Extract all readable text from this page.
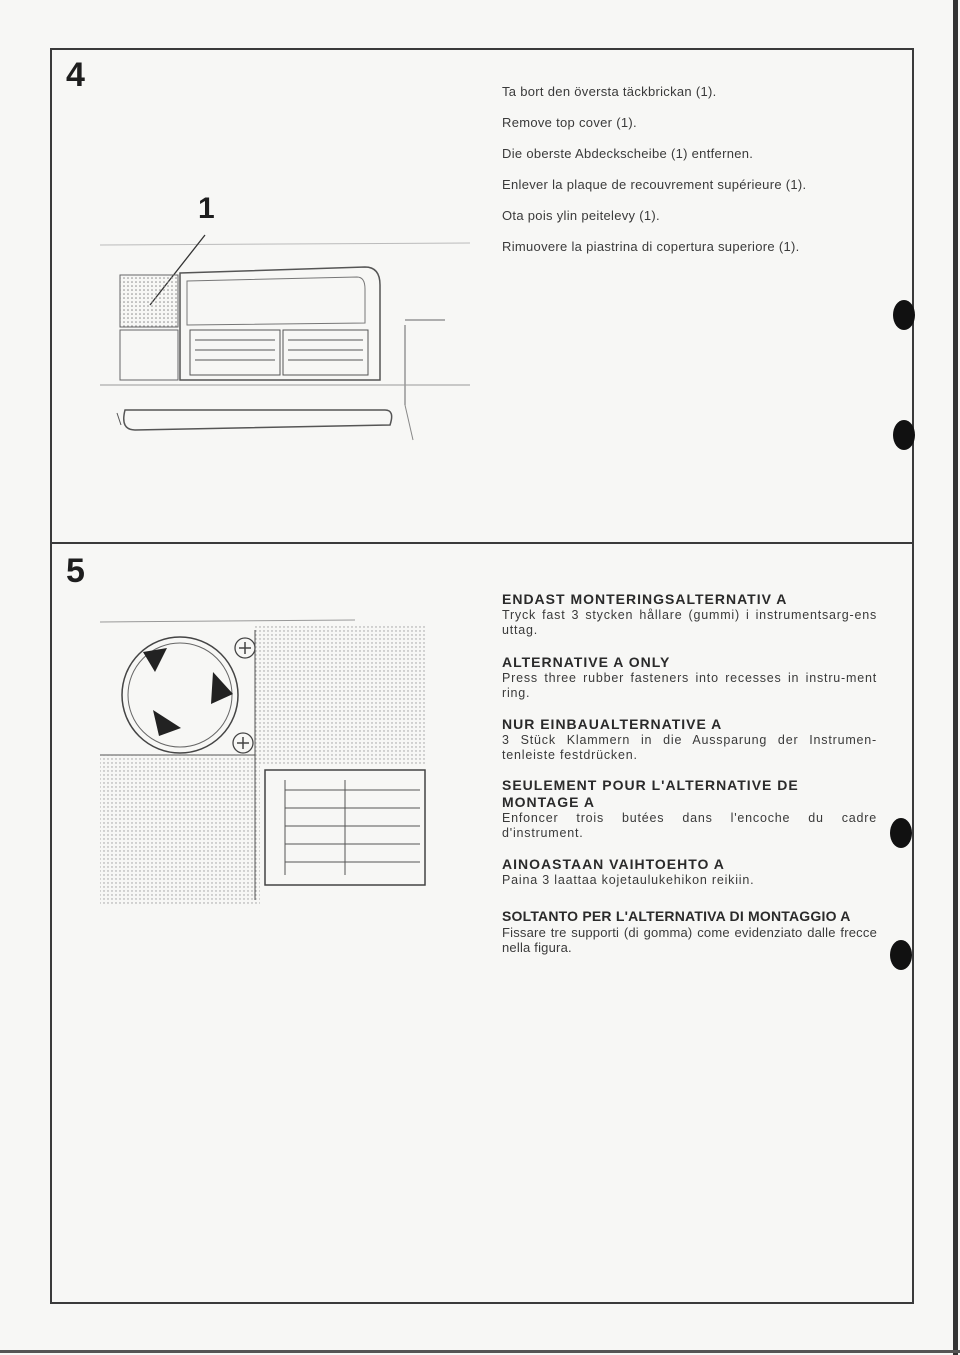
4	Ta bort den översta täckbrickan (1).
Remove top cover (1).
Die oberste Abdeckscheibe (1) entfernen.
Enlever la plaque de recouvrement supérieure (1).
Ota pois ylin peitelevy (1).
Rimuovere la piastrina di copertura superiore (1).
1
5
ENDAST MONTERINGSALTERNATIV A
Tryck fast 3 stycken hållare (gummi) i instrumentsarg-ens uttag.
ALTERNATIVE A ONLY
Press three rubber fasteners into recesses in instru-ment ring.
NUR EINBAUALTERNATIVE A
3 Stück Klammern in die Aussparung der Instrumen-tenleiste festdrücken.
SEULEMENT POUR L'ALTERNATIVE DE MONTAGE A
Enfoncer trois butées dans l'encoche du cadre d'instrument.
AINOASTAAN VAIHTOEHTO A
Paina 3 laattaa kojetaulukehikon reikiin.
SOLTANTO PER L'ALTERNATIVA DI MONTAGGIO A
Fissare tre supporti (di gomma) come evidenziato dalle frecce nella figura.
